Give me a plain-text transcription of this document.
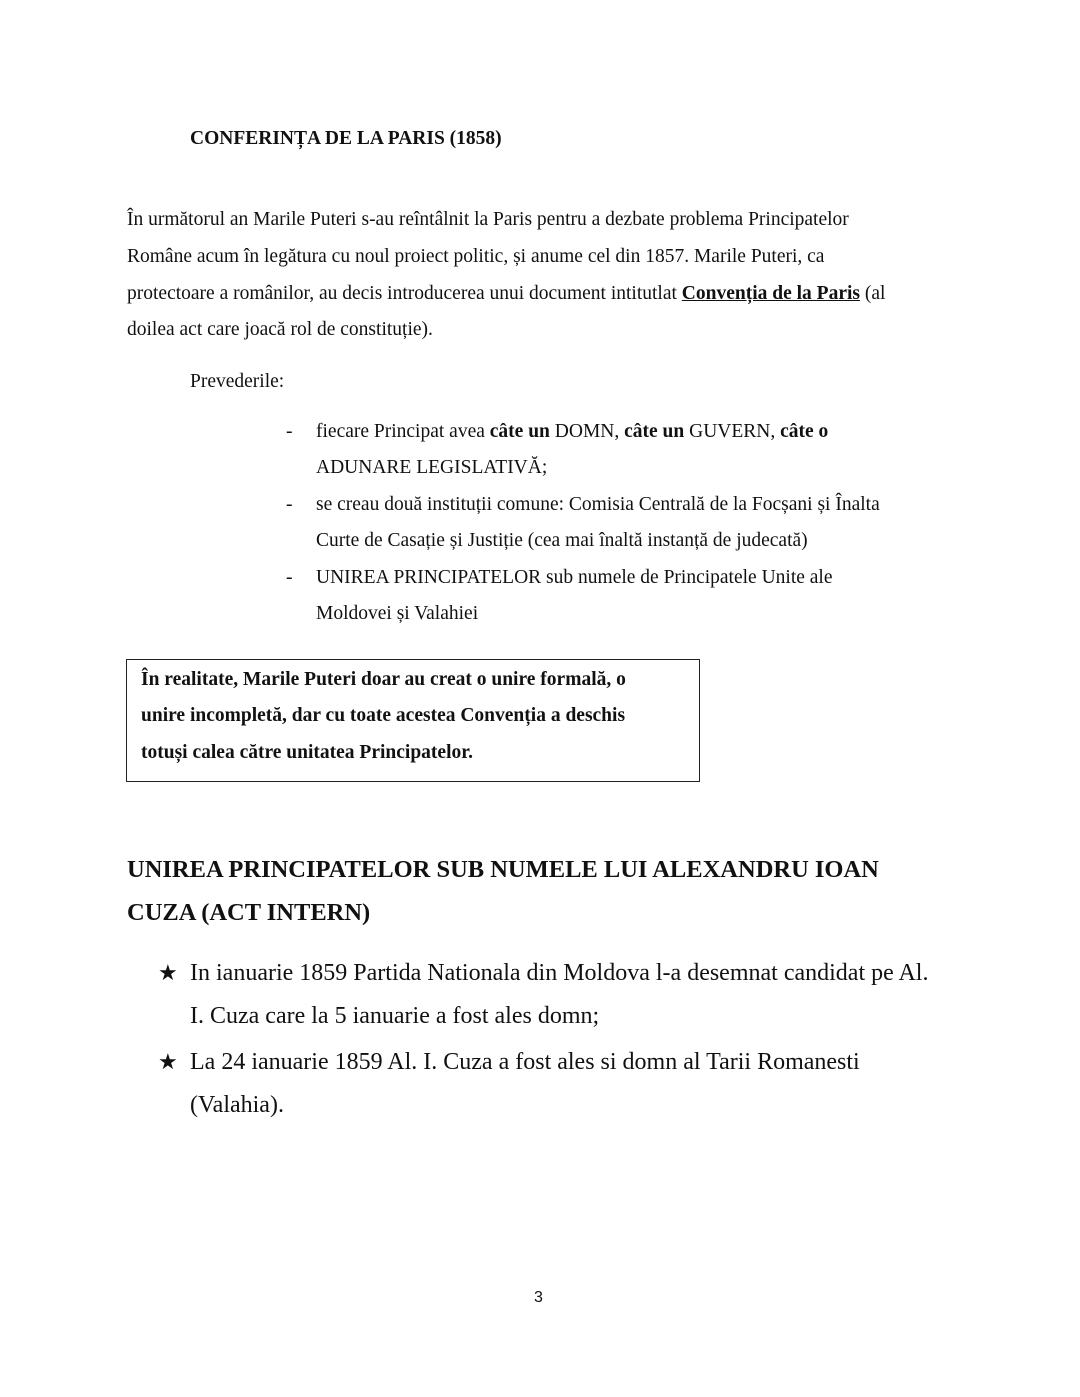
CONFERINȚA DE LA PARIS (1858)
În următorul an Marile Puteri s-au reîntâlnit la Paris pentru a dezbate problema Principatelor
Române acum în legătura cu noul proiect politic, și anume cel din 1857. Marile Puteri, ca
protectoare a românilor, au decis introducerea unui document intitutlat Convenția de la Paris (al
doilea act care joacă rol de constituție).
Prevederile:
- fiecare Principat avea câte un DOMN, câte un GUVERN, câte o
ADUNARE LEGISLATIVĂ;
- se creau două instituții comune: Comisia Centrală de la Focșani și Înalta
Curte de Casație și Justiție (cea mai înaltă instanță de judecată)
- UNIREA PRINCIPATELOR sub numele de Principatele Unite ale
Moldovei și Valahiei
În realitate, Marile Puteri doar au creat o unire formală, o
unire incompletă, dar cu toate acestea Convenția a deschis
totuși calea către unitatea Principatelor.
UNIREA PRINCIPATELOR SUB NUMELE LUI ALEXANDRU IOAN
CUZA (ACT INTERN)
★ In ianuarie 1859 Partida Nationala din Moldova l-a desemnat candidat pe Al.
I. Cuza care la 5 ianuarie a fost ales domn;
★ La 24 ianuarie 1859 Al. I. Cuza a fost ales si domn al Tarii Romanesti
(Valahia).
3
